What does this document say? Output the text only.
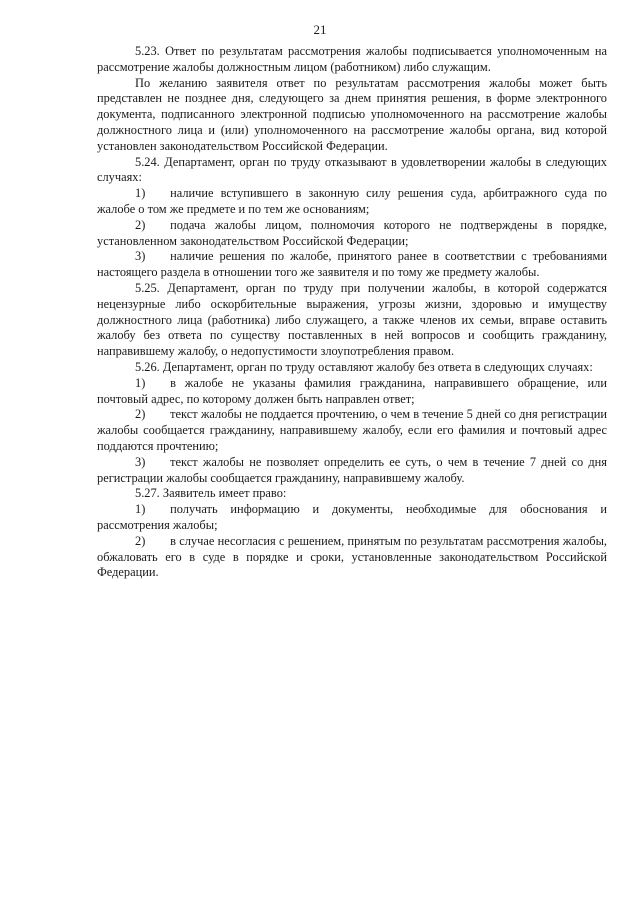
21

5.23. Ответ по результатам рассмотрения жалобы подписывается уполномоченным на рассмотрение жалобы должностным лицом (работником) либо служащим.

По желанию заявителя ответ по результатам рассмотрения жалобы может быть представлен не позднее дня, следующего за днем принятия решения, в форме электронного документа, подписанного электронной подписью уполномоченного на рассмотрение жалобы должностного лица и (или) уполномоченного на рассмотрение жалобы органа, вид которой установлен законодательством Российской Федерации.

5.24. Департамент, орган по труду отказывают в удовлетворении жалобы в следующих случаях:

1)  наличие вступившего в законную силу решения суда, арбитражного суда по жалобе о том же предмете и по тем же основаниям;

2)  подача жалобы лицом, полномочия которого не подтверждены в порядке, установленном законодательством Российской Федерации;

3)  наличие решения по жалобе, принятого ранее в соответствии с требованиями настоящего раздела в отношении того же заявителя и по тому же предмету жалобы.

5.25. Департамент, орган по труду при получении жалобы, в которой содержатся нецензурные либо оскорбительные выражения, угрозы жизни, здоровью и имуществу должностного лица (работника) либо служащего, а также членов их семьи, вправе оставить жалобу без ответа по существу поставленных в ней вопросов и сообщить гражданину, направившему жалобу, о недопустимости злоупотребления правом.

5.26. Департамент, орган по труду оставляют жалобу без ответа в следующих случаях:

1)  в жалобе не указаны фамилия гражданина, направившего обращение, или почтовый адрес, по которому должен быть направлен ответ;

2)  текст жалобы не поддается прочтению, о чем в течение 5 дней со дня регистрации жалобы сообщается гражданину, направившему жалобу, если его фамилия и почтовый адрес поддаются прочтению;

3)  текст жалобы не позволяет определить ее суть, о чем в течение 7 дней со дня регистрации жалобы сообщается гражданину, направившему жалобу.

5.27. Заявитель имеет право:

1)  получать информацию и документы, необходимые для обоснования и рассмотрения жалобы;

2)  в случае несогласия с решением, принятым по результатам рассмотрения жалобы, обжаловать его в суде в порядке и сроки, установленные законодательством Российской Федерации.
